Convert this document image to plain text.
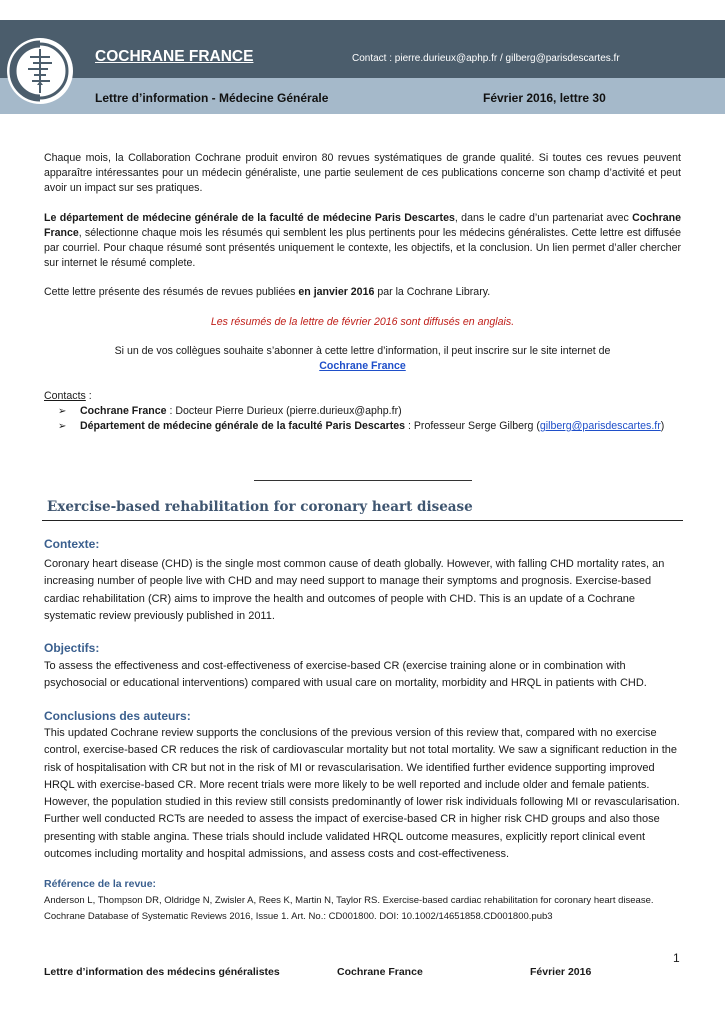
COCHRANE FRANCE	Contact : pierre.durieux@aphp.fr / gilberg@parisdescartes.fr
Lettre d’information - Médecine Générale	Février 2016, lettre 30
Chaque mois, la Collaboration Cochrane produit environ 80 revues systématiques de grande qualité. Si toutes ces revues peuvent apparaître intéressantes pour un médecin généraliste, une partie seulement de ces publications concerne son champ d’activité et peut avoir un impact sur ses pratiques.
Le département de médecine générale de la faculté de médecine Paris Descartes, dans le cadre d’un partenariat avec Cochrane France, sélectionne chaque mois les résumés qui semblent les plus pertinents pour les médecins généralistes. Cette lettre est diffusée par courriel. Pour chaque résumé sont présentés uniquement le contexte, les objectifs, et la conclusion. Un lien permet d’aller chercher sur internet le résumé complete.
Cette lettre présente des résumés de revues publiées en janvier 2016 par la Cochrane Library.
Les résumés de la lettre de février 2016 sont diffusés en anglais.
Si un de vos collègues souhaite s’abonner à cette lettre d’information, il peut inscrire sur le site internet de
Cochrane France
Contacts :
➢	Cochrane France : Docteur Pierre Durieux (pierre.durieux@aphp.fr)
➢	Département de médecine générale de la faculté Paris Descartes : Professeur Serge Gilberg (gilberg@parisdescartes.fr)
Exercise-based rehabilitation for coronary heart disease
Contexte:
Coronary heart disease (CHD) is the single most common cause of death globally. However, with falling CHD mortality rates, an increasing number of people live with CHD and may need support to manage their symptoms and prognosis. Exercise-based cardiac rehabilitation (CR) aims to improve the health and outcomes of people with CHD. This is an update of a Cochrane systematic review previously published in 2011.
Objectifs:
To assess the effectiveness and cost-effectiveness of exercise-based CR (exercise training alone or in combination with psychosocial or educational interventions) compared with usual care on mortality, morbidity and HRQL in patients with CHD.
Conclusions des auteurs:
This updated Cochrane review supports the conclusions of the previous version of this review that, compared with no exercise control, exercise-based CR reduces the risk of cardiovascular mortality but not total mortality. We saw a significant reduction in the risk of hospitalisation with CR but not in the risk of MI or revascularisation. We identified further evidence supporting improved HRQL with exercise-based CR. More recent trials were more likely to be well reported and include older and female patients. However, the population studied in this review still consists predominantly of lower risk individuals following MI or revascularisation. Further well conducted RCTs are needed to assess the impact of exercise-based CR in higher risk CHD groups and also those presenting with stable angina. These trials should include validated HRQL outcome measures, explicitly report clinical event outcomes including mortality and hospital admissions, and assess costs and cost-effectiveness.
Référence de la revue:
Anderson L, Thompson DR, Oldridge N, Zwisler A, Rees K, Martin N, Taylor RS. Exercise-based cardiac rehabilitation for coronary heart disease.
Cochrane Database of Systematic Reviews 2016, Issue 1. Art. No.: CD001800. DOI: 10.1002/14651858.CD001800.pub3
1
Lettre d’information des médecins généralistes	Cochrane France	Février 2016
